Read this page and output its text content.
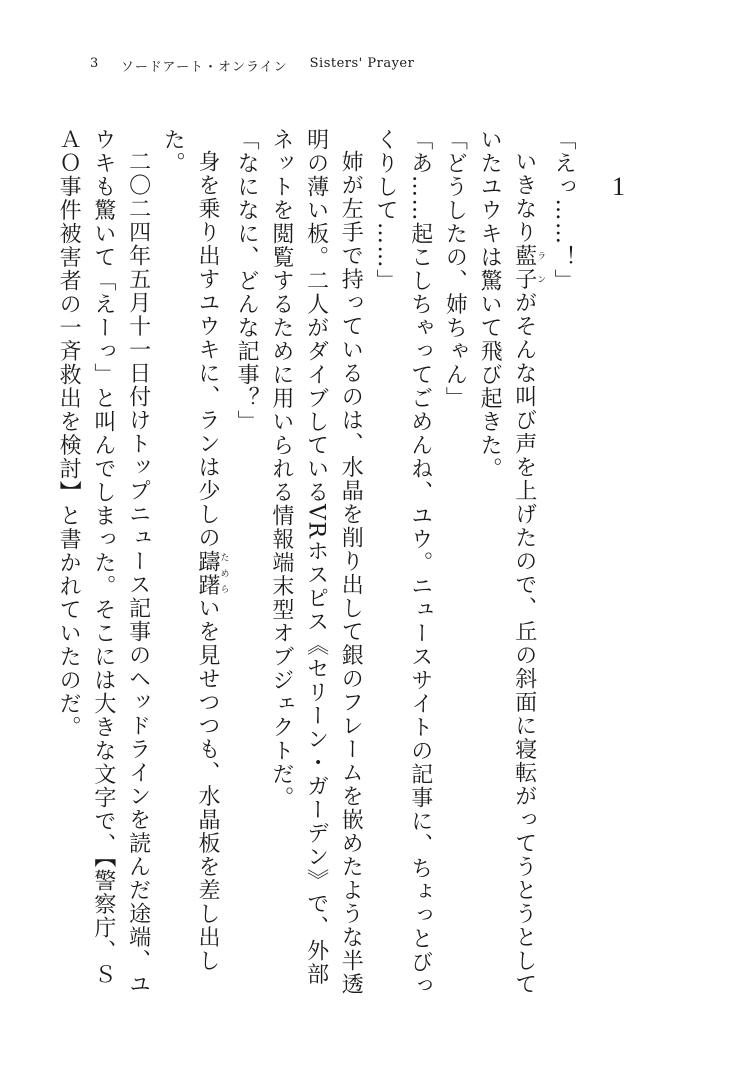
3 ソードアート・オンライン Sisters' Prayer
1

「えっ……！」

いきなり藍子ランがそんな叫び声を上げたので、丘の斜面に寝転がってうとうとしていたユウキは驚いて飛び起きた。

「どうしたの、姉ちゃん」

「あ……起こしちゃってごめんね、ユウ。ニュースサイトの記事に、ちょっとびっくりして……」

姉が左手で持っているのは、水晶を削り出して銀のフレームを嵌めたような半透明の薄い板。二人がダイブしているVRホスピス《セリーン・ガーデン》で、外部ネットを閲覧するために用いられる情報端末型オブジェクトだ。

「なになに、どんな記事？」

身を乗り出すユウキに、ランは少しの躊躇ためらいを見せつつも、水晶板を差し出した。

二〇二四年五月十一日付けトップニュース記事のヘッドラインを読んだ途端、ユウキも驚いて「えーっ」と叫んでしまった。そこには大きな文字で、【警察庁、ＳＡＯ事件被害者の一斉救出を検討】と書かれていたのだ。
